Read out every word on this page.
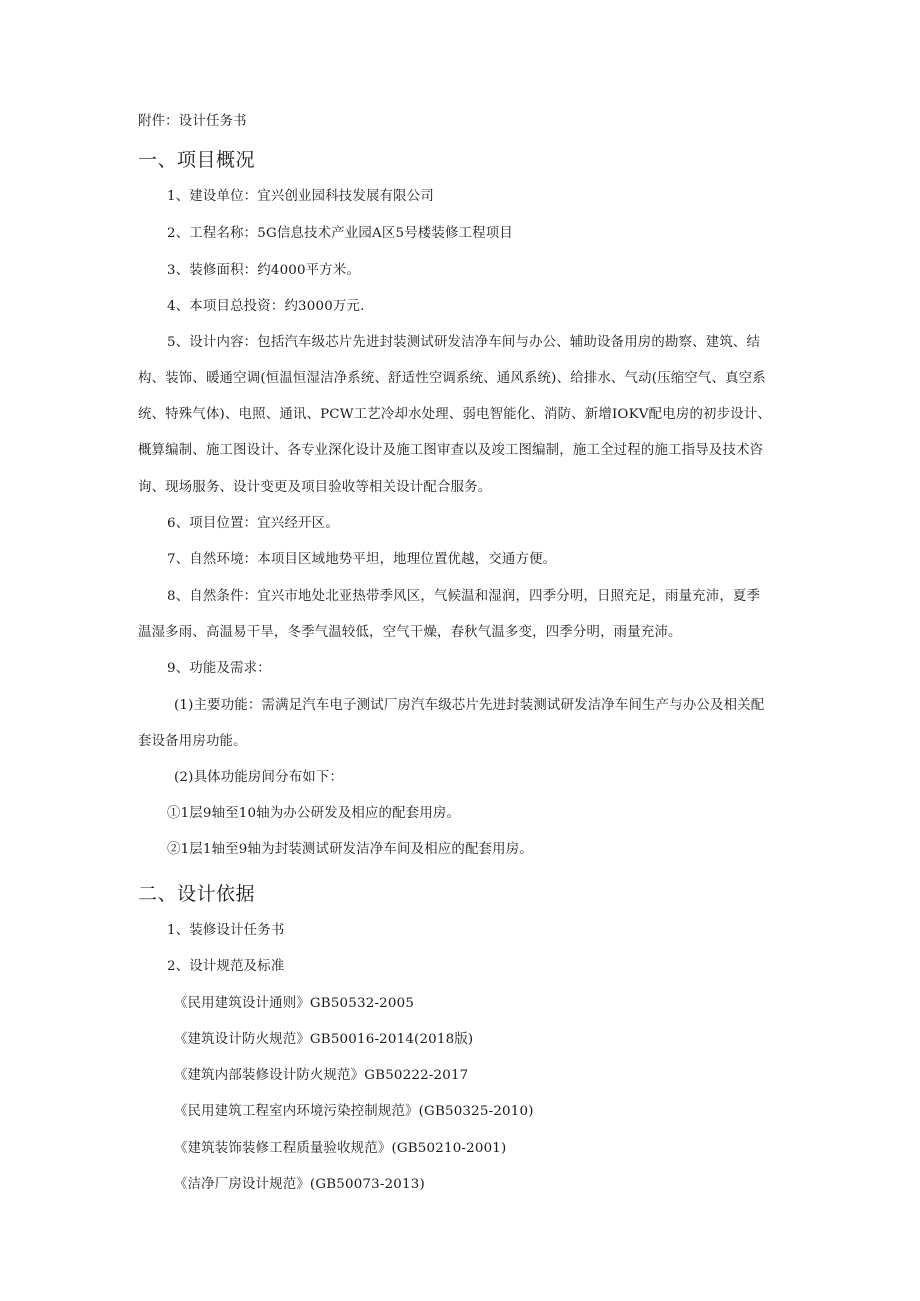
附件：设计任务书
一、项目概况
1、建设单位：宜兴创业园科技发展有限公司
2、工程名称：5G信息技术产业园A区5号楼装修工程项目
3、装修面积：约4000平方米。
4、本项目总投资：约3000万元.
5、设计内容：包括汽车级芯片先进封装测试研发洁净车间与办公、辅助设备用房的勘察、建筑、结
构、装饰、暖通空调(恒温恒湿洁净系统、舒适性空调系统、通风系统)、给排水、气动(压缩空气、真空系
统、特殊气体)、电照、通讯、PCW工艺冷却水处理、弱电智能化、消防、新增IOKV配电房的初步设计、
概算编制、施工图设计、各专业深化设计及施工图审查以及竣工图编制，施工全过程的施工指导及技术咨
询、现场服务、设计变更及项目验收等相关设计配合服务。
6、项目位置：宜兴经开区。
7、自然环境：本项目区域地势平坦，地理位置优越，交通方便。
8、自然条件：宜兴市地处北亚热带季风区，气候温和湿润，四季分明，日照充足，雨量充沛，夏季
温湿多雨、高温易干旱，冬季气温较低，空气干燥，春秋气温多变，四季分明，雨量充沛。
9、功能及需求：
(1)主要功能：需满足汽车电子测试厂房汽车级芯片先进封装测试研发洁净车间生产与办公及相关配
套设备用房功能。
(2)具体功能房间分布如下：
①1层9轴至10轴为办公研发及相应的配套用房。
②1层1轴至9轴为封装测试研发洁净车间及相应的配套用房。
二、设计依据
1、装修设计任务书
2、设计规范及标准
《民用建筑设计通则》GB50532-2005
《建筑设计防火规范》GB50016-2014(2018版)
《建筑内部装修设计防火规范》GB50222-2017
《民用建筑工程室内环境污染控制规范》(GB50325-2010)
《建筑装饰装修工程质量验收规范》(GB50210-2001)
《洁净厂房设计规范》(GB50073-2013)
